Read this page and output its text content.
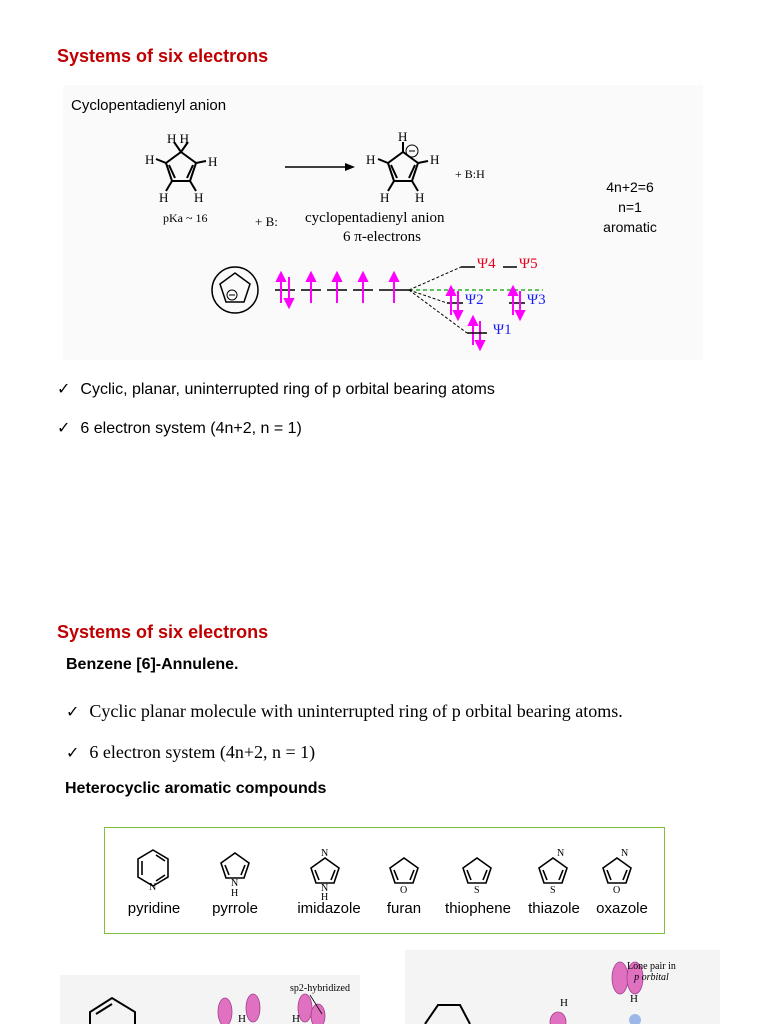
Systems of six electrons
Cyclopentadienyl anion
H H
H	H
H H
H
H	H
H H
+ B:
+ B:H
pKa ~ 16	cyclopentadienyl anion
6 π-electrons
4n+2=6
n=1
aromatic
Ψ4 Ψ5
Ψ2	Ψ3
Ψ1
✓ Cyclic, planar, uninterrupted ring of p orbital bearing atoms
✓ 6 electron system (4n+2, n = 1)
Systems of six electrons
Benzene [6]-Annulene.
✓ Cyclic planar molecule with uninterrupted ring of p orbital bearing atoms.
✓ 6 electron system (4n+2, n = 1)
Heterocyclic aromatic compounds
N	N
H
N
N
H
O	S
N
S
N
O
pyridine	pyrrole	imidazole	furan	thiophene	thiazole	oxazole
H	H
H	H
sp2-hybridized
Lone pair in
p orbital
